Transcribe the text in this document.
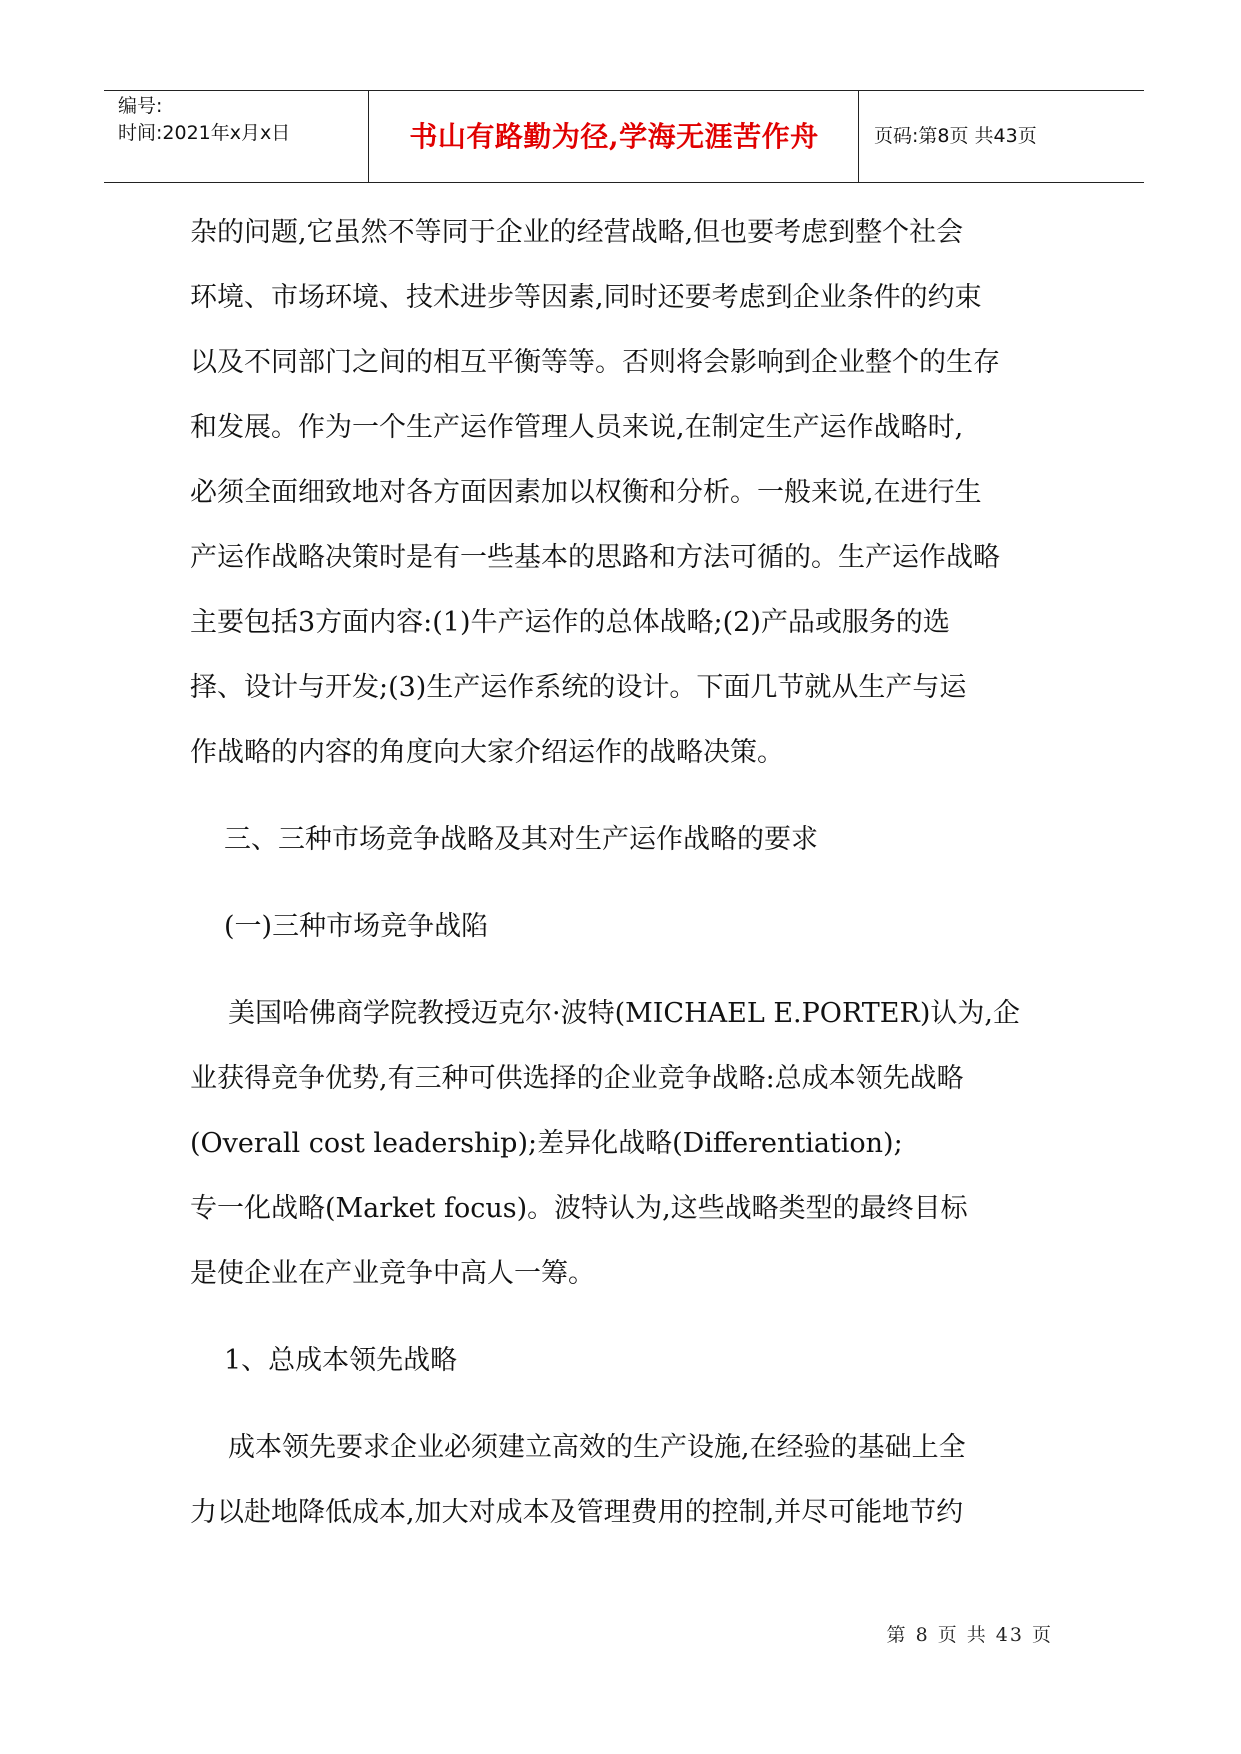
编号:
时间:2021年x月x日	书山有路勤为径,学海无涯苦作舟	页码:第8页 共43页

杂的问题,它虽然不等同于企业的经营战略,但也要考虑到整个社会
环境、市场环境、技术进步等因素,同时还要考虑到企业条件的约束
以及不同部门之间的相互平衡等等。否则将会影响到企业整个的生存
和发展。作为一个生产运作管理人员来说,在制定生产运作战略时,
必须全面细致地对各方面因素加以权衡和分析。一般来说,在进行生
产运作战略决策时是有一些基本的思路和方法可循的。生产运作战略
主要包括3方面内容:(1)牛产运作的总体战略;(2)产品或服务的选
择、设计与开发;(3)生产运作系统的设计。下面几节就从生产与运
作战略的内容的角度向大家介绍运作的战略决策。

三、三种市场竞争战略及其对生产运作战略的要求

(一)三种市场竞争战陷

美国哈佛商学院教授迈克尔·波特(MICHAEL E.PORTER)认为,企
业获得竞争优势,有三种可供选择的企业竞争战略:总成本领先战略
(Overall cost leadership);差异化战略(Differentiation);
专一化战略(Market focus)。波特认为,这些战略类型的最终目标
是使企业在产业竞争中高人一筹。

1、总成本领先战略

成本领先要求企业必须建立高效的生产设施,在经验的基础上全
力以赴地降低成本,加大对成本及管理费用的控制,并尽可能地节约

第 8 页 共 43 页
